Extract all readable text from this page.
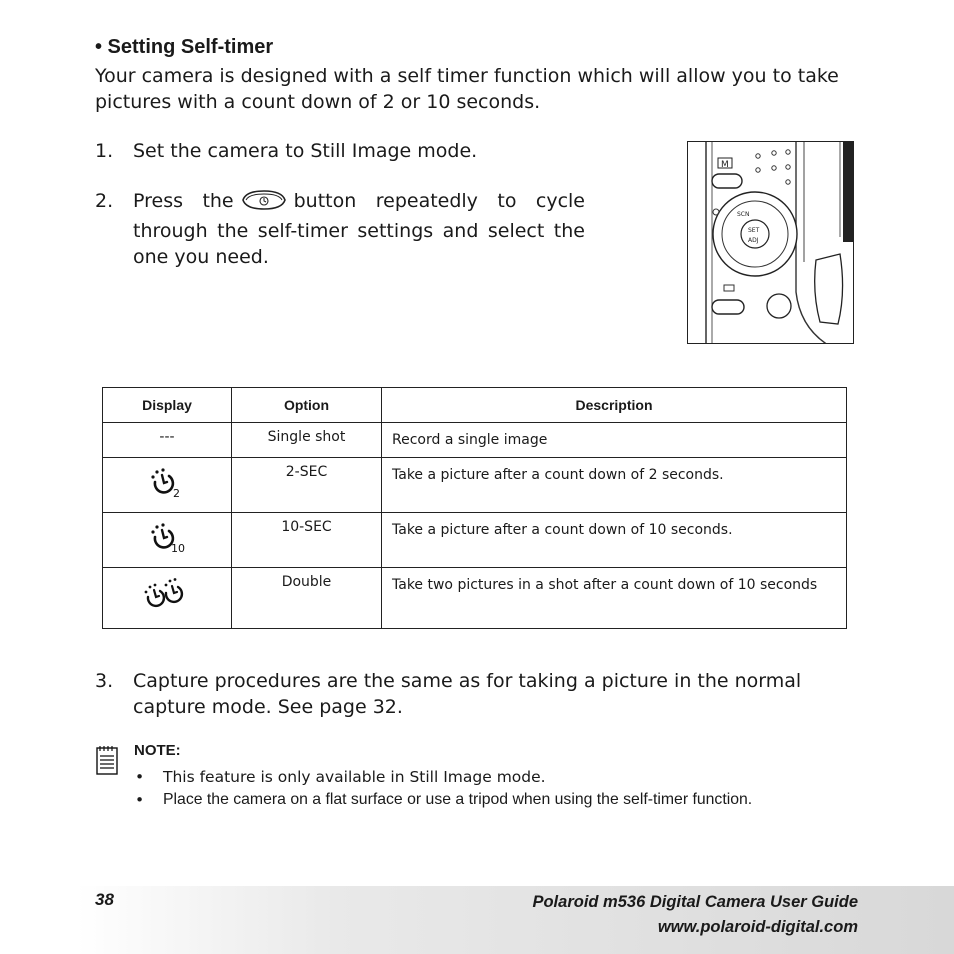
• Setting Self-timer
Your camera is designed with a self timer function which will allow you to take pictures with a count down of 2 or 10 seconds.
1. Set the camera to Still Image mode.
2. Press the	button repeatedly to cycle through the self-timer settings and select the one you need.
M
SCN
SET
ADJ
Display	Option	Description
---	Single shot	Record a single image

2	2-SEC	Take a picture after a count down of 2 seconds.

10	10-SEC	Take a picture after a count down of 10 seconds.
	Double	Take two pictures in a shot after a count down of 10 seconds
3. Capture procedures are the same as for taking a picture in the normal capture mode. See page 32.
NOTE:
• This feature is only available in Still Image mode.
• Place the camera on a flat surface or use a tripod when using the self-timer function.
38	Polaroid m536 Digital Camera User Guide
www.polaroid-digital.com
